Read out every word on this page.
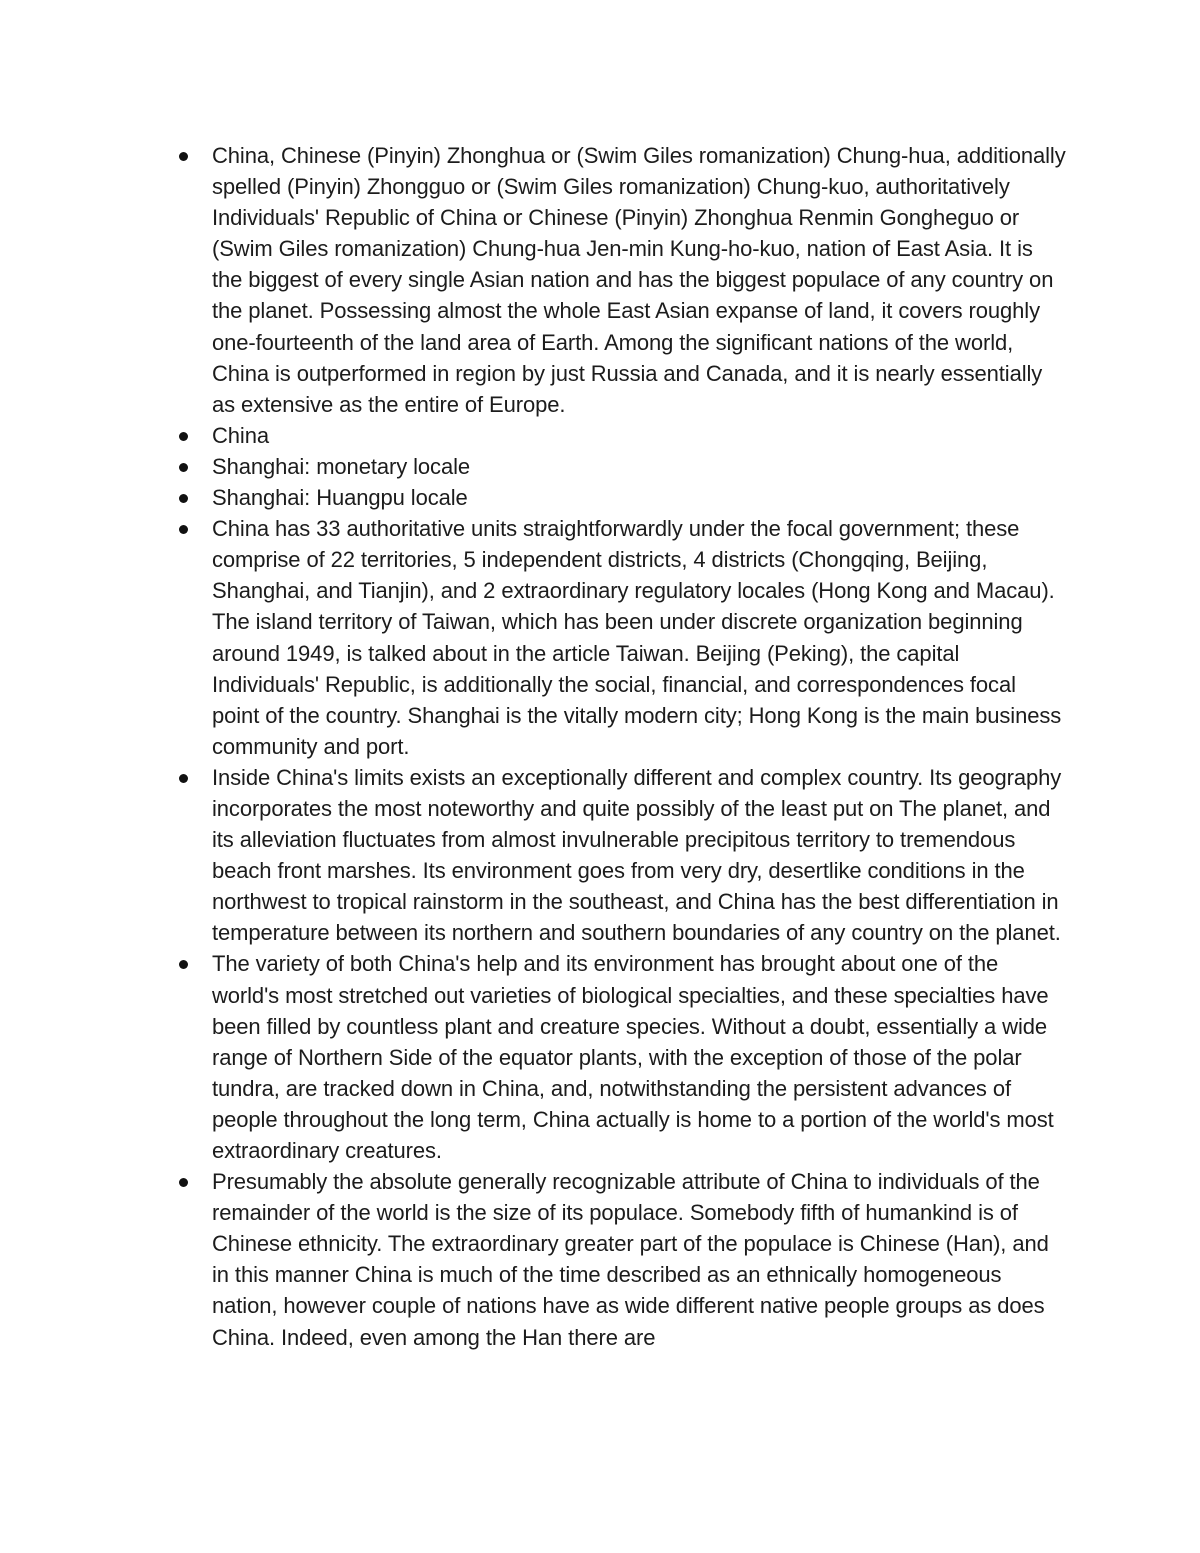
China, Chinese (Pinyin) Zhonghua or (Swim Giles romanization) Chung-hua, additionally spelled (Pinyin) Zhongguo or (Swim Giles romanization) Chung-kuo, authoritatively Individuals' Republic of China or Chinese (Pinyin) Zhonghua Renmin Gongheguo or (Swim Giles romanization) Chung-hua Jen-min Kung-ho-kuo, nation of East Asia. It is the biggest of every single Asian nation and has the biggest populace of any country on the planet. Possessing almost the whole East Asian expanse of land, it covers roughly one-fourteenth of the land area of Earth. Among the significant nations of the world, China is outperformed in region by just Russia and Canada, and it is nearly essentially as extensive as the entire of Europe.
China
Shanghai: monetary locale
Shanghai: Huangpu locale
China has 33 authoritative units straightforwardly under the focal government; these comprise of 22 territories, 5 independent districts, 4 districts (Chongqing, Beijing, Shanghai, and Tianjin), and 2 extraordinary regulatory locales (Hong Kong and Macau). The island territory of Taiwan, which has been under discrete organization beginning around 1949, is talked about in the article Taiwan. Beijing (Peking), the capital Individuals' Republic, is additionally the social, financial, and correspondences focal point of the country. Shanghai is the vitally modern city; Hong Kong is the main business community and port.
Inside China's limits exists an exceptionally different and complex country. Its geography incorporates the most noteworthy and quite possibly of the least put on The planet, and its alleviation fluctuates from almost invulnerable precipitous territory to tremendous beach front marshes. Its environment goes from very dry, desertlike conditions in the northwest to tropical rainstorm in the southeast, and China has the best differentiation in temperature between its northern and southern boundaries of any country on the planet.
The variety of both China's help and its environment has brought about one of the world's most stretched out varieties of biological specialties, and these specialties have been filled by countless plant and creature species. Without a doubt, essentially a wide range of Northern Side of the equator plants, with the exception of those of the polar tundra, are tracked down in China, and, notwithstanding the persistent advances of people throughout the long term, China actually is home to a portion of the world's most extraordinary creatures.
Presumably the absolute generally recognizable attribute of China to individuals of the remainder of the world is the size of its populace. Somebody fifth of humankind is of Chinese ethnicity. The extraordinary greater part of the populace is Chinese (Han), and in this manner China is much of the time described as an ethnically homogeneous nation, however couple of nations have as wide different native people groups as does China. Indeed, even among the Han there are
